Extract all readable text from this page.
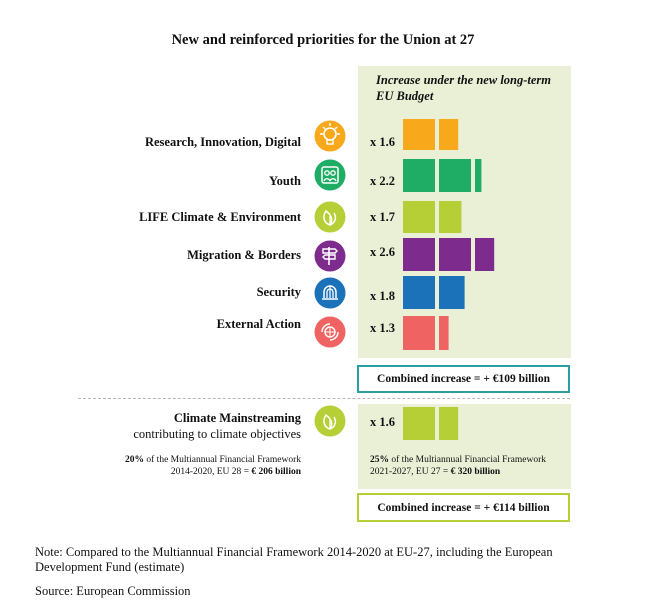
New and reinforced priorities for the Union at 27
Increase under the new long-term EU Budget
Research, Innovation, Digital
Youth
LIFE Climate & Environment
Migration & Borders
Security
External Action
x 1.6
x 2.2
x 1.7
x 2.6
x 1.8
x 1.3
x 1.6
Combined increase = + €109 billion
Climate Mainstreaming
contributing to climate objectives
20% of the Multiannual Financial Framework
2014-2020, EU 28 = € 206 billion
25% of the Multiannual Financial Framework
2021-2027, EU 27 = € 320 billion
Combined increase = + €114 billion
Note: Compared to the Multiannual Financial Framework 2014-2020 at EU-27, including the European Development Fund (estimate)
Source: European Commission
